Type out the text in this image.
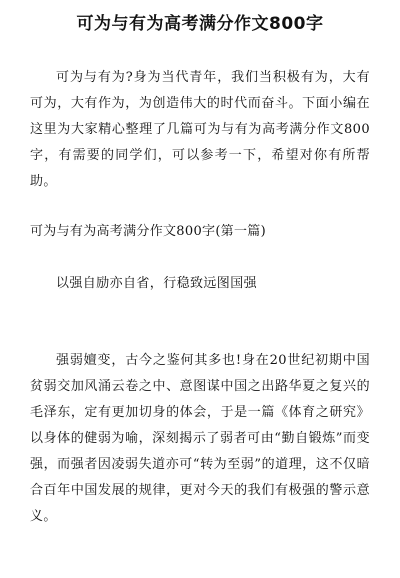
可为与有为高考满分作文800字

可为与有为?身为当代青年，我们当积极有为，大有可为，大有作为，为创造伟大的时代而奋斗。下面小编在这里为大家精心整理了几篇可为与有为高考满分作文800字，有需要的同学们，可以参考一下，希望对你有所帮助。

可为与有为高考满分作文800字(第一篇)

以强自励亦自省，行稳致远图国强

强弱嬗变，古今之鉴何其多也!身在20世纪初期中国贫弱交加风涌云卷之中、意图谋中国之出路华夏之复兴的毛泽东，定有更加切身的体会，于是一篇《体育之研究》以身体的健弱为喻，深刻揭示了弱者可由“勤自锻炼”而变强，而强者因凌弱失道亦可“转为至弱”的道理，这不仅暗合百年中国发展的规律，更对今天的我们有极强的警示意义。
